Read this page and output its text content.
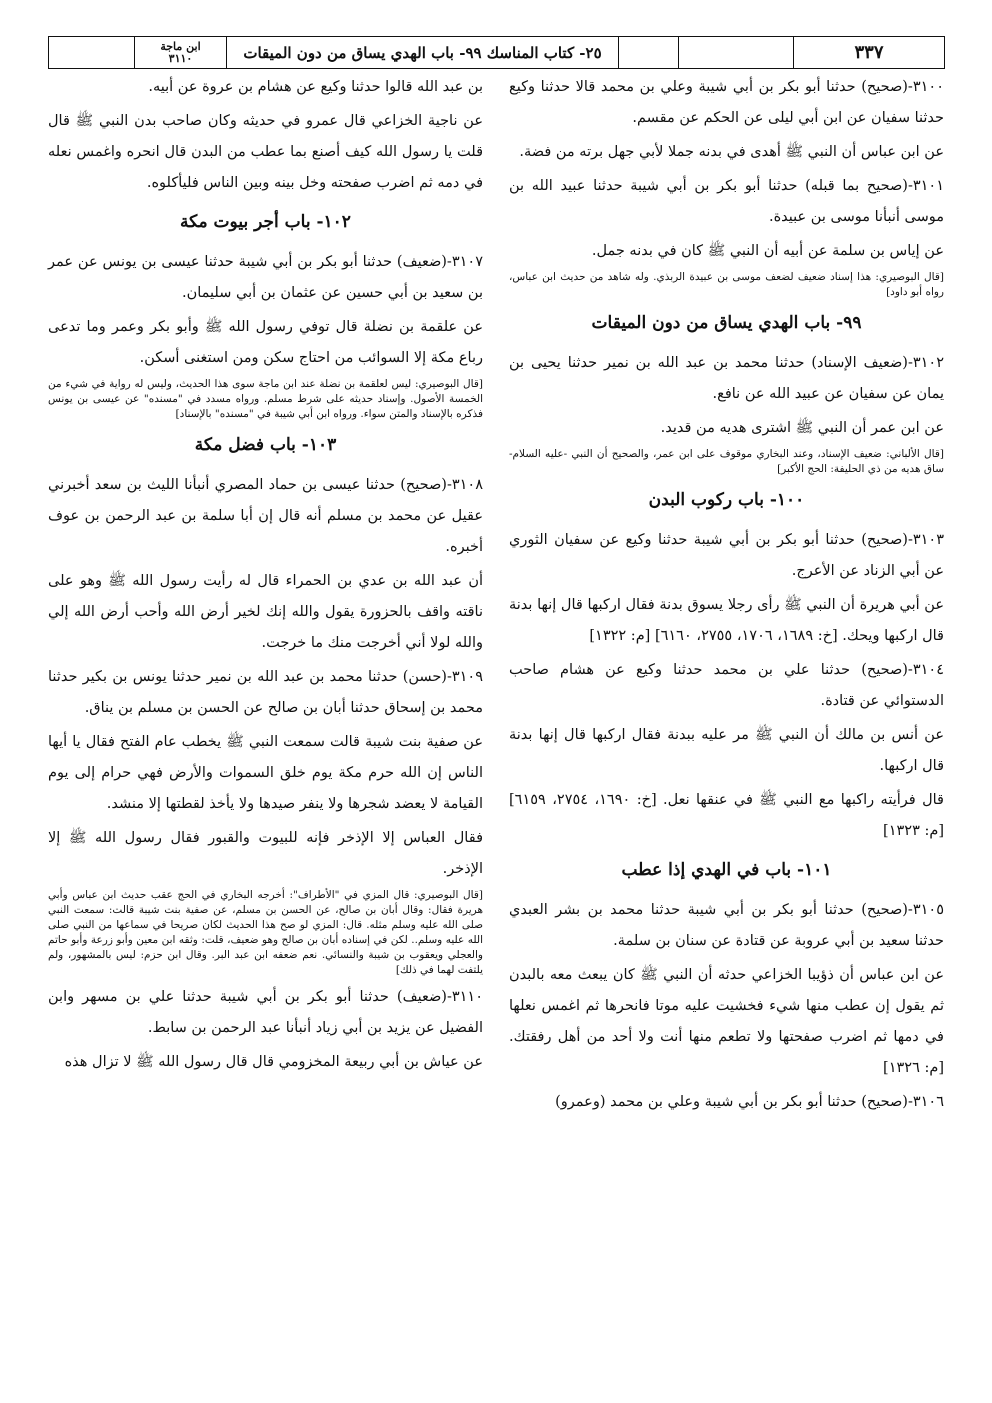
ابن ماجة
٣١١٠	٢٥- كتاب المناسك ٩٩- باب الهدي يساق من دون الميقات	٣٣٧

٣١٠٠-(صحيح) حدثنا أبو بكر بن أبي شيبة وعلي بن محمد قالا حدثنا وكيع حدثنا سفيان عن ابن أبي ليلى عن الحكم عن مقسم.

عن ابن عباس أن النبي ﷺ أهدى في بدنه جملا لأبي جهل برته من فضة.

٣١٠١-(صحيح بما قبله) حدثنا أبو بكر بن أبي شيبة حدثنا عبيد الله بن موسى أنبأنا موسى بن عبيدة.

عن إياس بن سلمة عن أبيه أن النبي ﷺ كان في بدنه جمل.

[قال البوصيري: هذا إسناد ضعيف لضعف موسى بن عبيدة الربذي. وله شاهد من حديث ابن عباس، رواه أبو داود]

٩٩- باب الهدي يساق من دون الميقات

٣١٠٢-(ضعيف الإسناد) حدثنا محمد بن عبد الله بن نمير حدثنا يحيى بن يمان عن سفيان عن عبيد الله عن نافع.

عن ابن عمر أن النبي ﷺ اشترى هديه من قديد.

[قال الألباني: ضعيف الإسناد، وعند البخاري موقوف على ابن عمر، والصحيح أن النبي -عليه السلام- ساق هديه من ذي الحليفة: الحج الأكبر]

١٠٠- باب ركوب البدن

٣١٠٣-(صحيح) حدثنا أبو بكر بن أبي شيبة حدثنا وكيع عن سفيان الثوري عن أبي الزناد عن الأعرج.

عن أبي هريرة أن النبي ﷺ رأى رجلا يسوق بدنة فقال اركبها قال إنها بدنة قال اركبها ويحك. [خ: ١٦٨٩، ١٧٠٦، ٢٧٥٥، ٦١٦٠] [م: ١٣٢٢]

٣١٠٤-(صحيح) حدثنا علي بن محمد حدثنا وكيع عن هشام صاحب الدستوائي عن قتادة.

عن أنس بن مالك أن النبي ﷺ مر عليه ببدنة فقال اركبها قال إنها بدنة قال اركبها.

قال فرأيته راكبها مع النبي ﷺ في عنقها نعل. [خ: ١٦٩٠، ٢٧٥٤، ٦١٥٩] [م: ١٣٢٣]

١٠١- باب في الهدي إذا عطب

٣١٠٥-(صحيح) حدثنا أبو بكر بن أبي شيبة حدثنا محمد بن بشر العبدي حدثنا سعيد بن أبي عروبة عن قتادة عن سنان بن سلمة.

عن ابن عباس أن ذؤيبا الخزاعي حدثه أن النبي ﷺ كان يبعث معه بالبدن ثم يقول إن عطب منها شيء فخشيت عليه موتا فانحرها ثم اغمس نعلها في دمها ثم اضرب صفحتها ولا تطعم منها أنت ولا أحد من أهل رفقتك. [م: ١٣٢٦]

٣١٠٦-(صحيح) حدثنا أبو بكر بن أبي شيبة وعلي بن محمد (وعمرو)

بن عبد الله قالوا حدثنا وكيع عن هشام بن عروة عن أبيه.

عن ناجية الخزاعي قال عمرو في حديثه وكان صاحب بدن النبي ﷺ قال قلت يا رسول الله كيف أصنع بما عطب من البدن قال انحره واغمس نعله في دمه ثم اضرب صفحته وخل بينه وبين الناس فليأكلوه.

١٠٢- باب أجر بيوت مكة

٣١٠٧-(ضعيف) حدثنا أبو بكر بن أبي شيبة حدثنا عيسى بن يونس عن عمر بن سعيد بن أبي حسين عن عثمان بن أبي سليمان.

عن علقمة بن نضلة قال توفي رسول الله ﷺ وأبو بكر وعمر وما تدعى رباع مكة إلا السوائب من احتاج سكن ومن استغنى أسكن.

[قال البوصيري: ليس لعلقمة بن نضلة عند ابن ماجة سوى هذا الحديث، وليس له رواية في شيء من الخمسة الأصول. وإسناد حديثه على شرط مسلم. ورواه مسدد في "مسنده" عن عيسى بن يونس فذكره بالإسناد والمتن سواء. ورواه ابن أبي شيبة في "مسنده" بالإسناد]

١٠٣- باب فضل مكة

٣١٠٨-(صحيح) حدثنا عيسى بن حماد المصري أنبأنا الليث بن سعد أخبرني عقيل عن محمد بن مسلم أنه قال إن أبا سلمة بن عبد الرحمن بن عوف أخبره.

أن عبد الله بن عدي بن الحمراء قال له رأيت رسول الله ﷺ وهو على ناقته واقف بالحزورة يقول والله إنك لخير أرض الله وأحب أرض الله إلي والله لولا أني أخرجت منك ما خرجت.

٣١٠٩-(حسن) حدثنا محمد بن عبد الله بن نمير حدثنا يونس بن بكير حدثنا محمد بن إسحاق حدثنا أبان بن صالح عن الحسن بن مسلم بن يناق.

عن صفية بنت شيبة قالت سمعت النبي ﷺ يخطب عام الفتح فقال يا أيها الناس إن الله حرم مكة يوم خلق السموات والأرض فهي حرام إلى يوم القيامة لا يعضد شجرها ولا ينفر صيدها ولا يأخذ لقطتها إلا منشد.

فقال العباس إلا الإذخر فإنه للبيوت والقبور فقال رسول الله ﷺ إلا الإذخر.

[قال البوصيري: قال المزي في "الأطراف": أخرجه البخاري في الحج عقب حديث ابن عباس وأبي هريرة فقال: وقال أبان بن صالح، عن الحسن بن مسلم، عن صفية بنت شيبة قالت: سمعت النبي صلى الله عليه وسلم مثله. قال: المزي لو صح هذا الحديث لكان صريحا في سماعها من النبي صلى الله عليه وسلم.. لكن في إسناده أبان بن صالح وهو ضعيف، قلت: وثقه ابن معين وأبو زرعة وأبو حاتم والعجلي ويعقوب بن شيبة والنسائي. نعم ضعفه ابن عبد البر. وقال ابن حزم: ليس بالمشهور، ولم يلتفت لهما في ذلك]

٣١١٠-(ضعيف) حدثنا أبو بكر بن أبي شيبة حدثنا علي بن مسهر وابن الفضيل عن يزيد بن أبي زياد أنبأنا عبد الرحمن بن سابط.

عن عياش بن أبي ربيعة المخزومي قال قال رسول الله ﷺ لا تزال هذه
